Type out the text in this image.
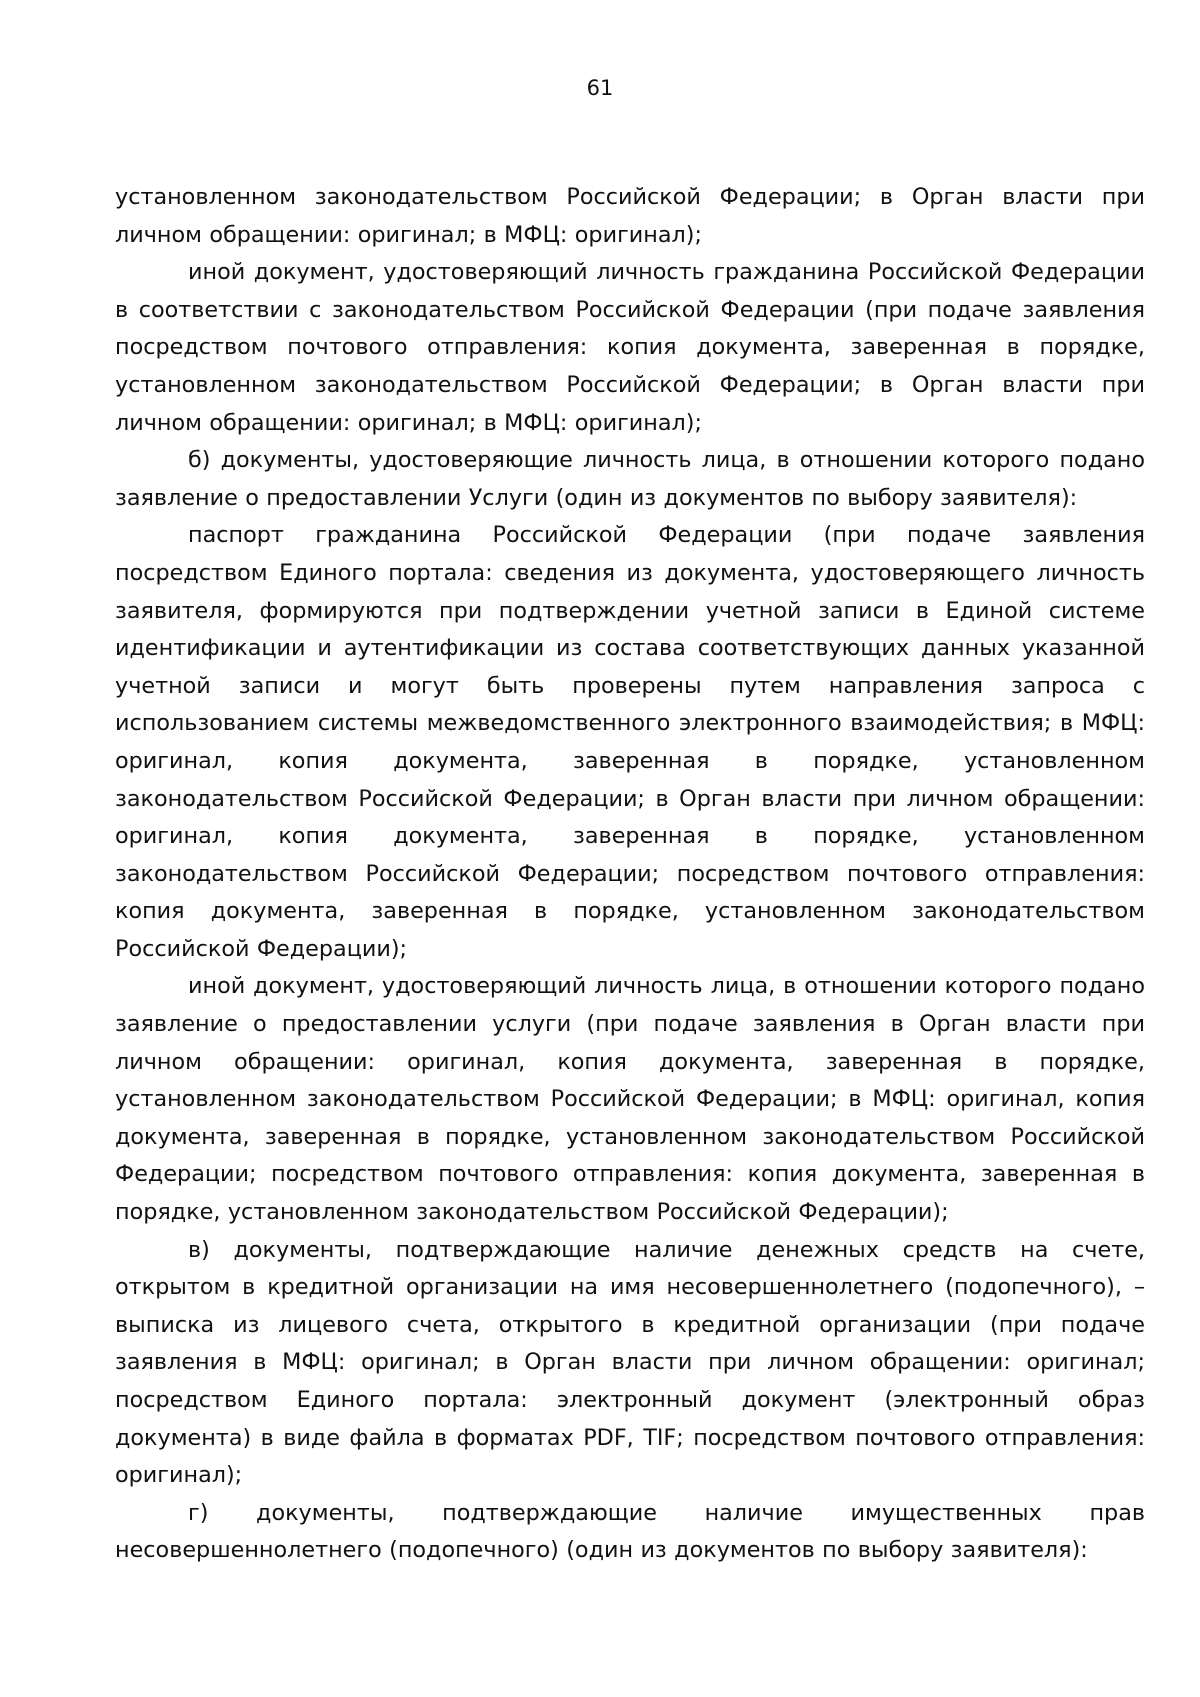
61

установленном законодательством Российской Федерации; в Орган власти при личном обращении: оригинал; в МФЦ: оригинал);

иной документ, удостоверяющий личность гражданина Российской Федерации в соответствии с законодательством Российской Федерации (при подаче заявления посредством почтового отправления: копия документа, заверенная в порядке, установленном законодательством Российской Федерации; в Орган власти при личном обращении: оригинал; в МФЦ: оригинал);

б) документы, удостоверяющие личность лица, в отношении которого подано заявление о предоставлении Услуги (один из документов по выбору заявителя):

паспорт гражданина Российской Федерации (при подаче заявления посредством Единого портала: сведения из документа, удостоверяющего личность заявителя, формируются при подтверждении учетной записи в Единой системе идентификации и аутентификации из состава соответствующих данных указанной учетной записи и могут быть проверены путем направления запроса с использованием системы межведомственного электронного взаимодействия; в МФЦ: оригинал, копия документа, заверенная в порядке, установленном законодательством Российской Федерации; в Орган власти при личном обращении: оригинал, копия документа, заверенная в порядке, установленном законодательством Российской Федерации; посредством почтового отправления: копия документа, заверенная в порядке, установленном законодательством Российской Федерации);

иной документ, удостоверяющий личность лица, в отношении которого подано заявление о предоставлении услуги (при подаче заявления в Орган власти при личном обращении: оригинал, копия документа, заверенная в порядке, установленном законодательством Российской Федерации; в МФЦ: оригинал, копия документа, заверенная в порядке, установленном законодательством Российской Федерации; посредством почтового отправления: копия документа, заверенная в порядке, установленном законодательством Российской Федерации);

в) документы, подтверждающие наличие денежных средств на счете, открытом в кредитной организации на имя несовершеннолетнего (подопечного), – выписка из лицевого счета, открытого в кредитной организации (при подаче заявления в МФЦ: оригинал; в Орган власти при личном обращении: оригинал; посредством Единого портала: электронный документ (электронный образ документа) в виде файла в форматах PDF, TIF; посредством почтового отправления: оригинал);

г) документы, подтверждающие наличие имущественных прав несовершеннолетнего (подопечного) (один из документов по выбору заявителя):
